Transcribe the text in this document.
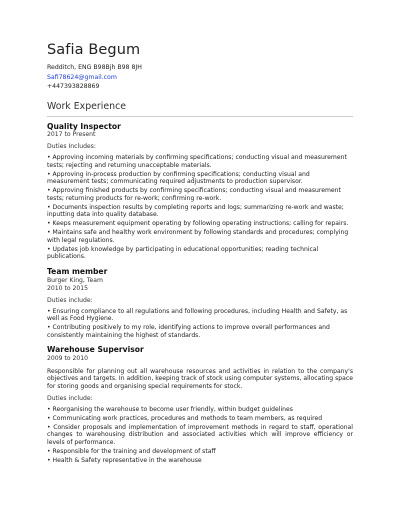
Safia Begum
Redditch, ENG B98Bjh B98 8JH
Safi78624@gmail.com
+447393828869
Work Experience
Quality Inspector
2017 to Present
Duties Includes:
• Approving incoming materials by confirming specifications; conducting visual and measurement tests; rejecting and returning unacceptable materials.
• Approving in-process production by confirming specifications; conducting visual and measurement tests; communicating required adjustments to production supervisor.
• Approving finished products by confirming specifications; conducting visual and measurement tests; returning products for re-work; confirming re-work.
• Documents inspection results by completing reports and logs; summarizing re-work and waste; inputting data into quality database.
• Keeps measurement equipment operating by following operating instructions; calling for repairs.
• Maintains safe and healthy work environment by following standards and procedures; complying with legal regulations.
• Updates job knowledge by participating in educational opportunities; reading technical publications.
Team member
Burger King, Team
2010 to 2015
Duties include:
• Ensuring compliance to all regulations and following procedures, including Health and Safety, as well as Food Hygiene.
• Contributing positively to my role, identifying actions to improve overall performances and consistently maintaining the highest of standards.
Warehouse Supervisor
2009 to 2010
Responsible for planning out all warehouse resources and activities in relation to the company's objectives and targets. In addition, keeping track of stock using computer systems, allocating space for storing goods and organising special requirements for stock.
Duties include:
• Reorganising the warehouse to become user friendly, within budget guidelines
• Communicating work practices, procedures and methods to team members, as required
• Consider proposals and implementation of improvement methods in regard to staff, operational changes to warehousing distribution and associated activities which will improve efficiency or levels of performance.
• Responsible for the training and development of staff
• Health & Safety representative in the warehouse
